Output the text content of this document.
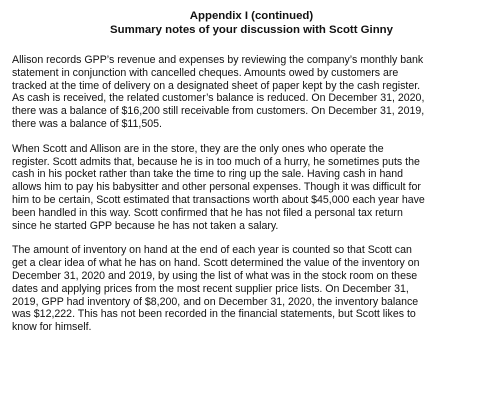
Appendix I (continued)
Summary notes of your discussion with Scott Ginny

Allison records GPP’s revenue and expenses by reviewing the company’s monthly bank
statement in conjunction with cancelled cheques. Amounts owed by customers are
tracked at the time of delivery on a designated sheet of paper kept by the cash register.
As cash is received, the related customer’s balance is reduced. On December 31, 2020,
there was a balance of $16,200 still receivable from customers. On December 31, 2019,
there was a balance of $11,505.

When Scott and Allison are in the store, they are the only ones who operate the
register. Scott admits that, because he is in too much of a hurry, he sometimes puts the
cash in his pocket rather than take the time to ring up the sale. Having cash in hand
allows him to pay his babysitter and other personal expenses. Though it was difficult for
him to be certain, Scott estimated that transactions worth about $45,000 each year have
been handled in this way. Scott confirmed that he has not filed a personal tax return
since he started GPP because he has not taken a salary.

The amount of inventory on hand at the end of each year is counted so that Scott can
get a clear idea of what he has on hand. Scott determined the value of the inventory on
December 31, 2020 and 2019, by using the list of what was in the stock room on these
dates and applying prices from the most recent supplier price lists. On December 31,
2019, GPP had inventory of $8,200, and on December 31, 2020, the inventory balance
was $12,222. This has not been recorded in the financial statements, but Scott likes to
know for himself.
